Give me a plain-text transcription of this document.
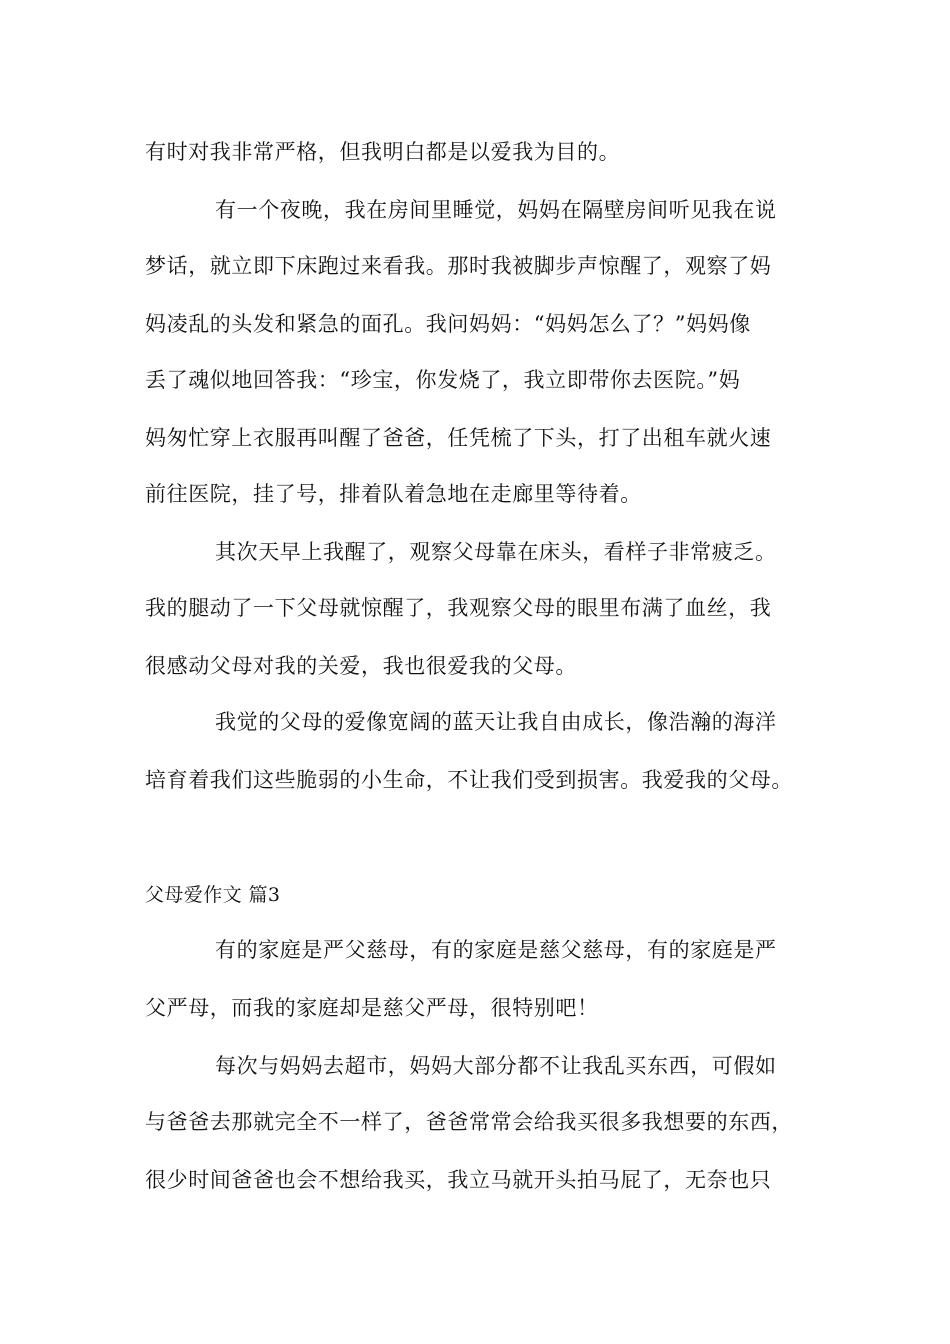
有时对我非常严格，但我明白都是以爱我为目的。
有一个夜晚，我在房间里睡觉，妈妈在隔壁房间听见我在说
梦话，就立即下床跑过来看我。那时我被脚步声惊醒了，观察了妈
妈凌乱的头发和紧急的面孔。我问妈妈：“妈妈怎么了？”妈妈像
丢了魂似地回答我：“珍宝，你发烧了，我立即带你去医院。”妈
妈匆忙穿上衣服再叫醒了爸爸，任凭梳了下头，打了出租车就火速
前往医院，挂了号，排着队着急地在走廊里等待着。
其次天早上我醒了，观察父母靠在床头，看样子非常疲乏。
我的腿动了一下父母就惊醒了，我观察父母的眼里布满了血丝，我
很感动父母对我的关爱，我也很爱我的父母。
我觉的父母的爱像宽阔的蓝天让我自由成长，像浩瀚的海洋
培育着我们这些脆弱的小生命，不让我们受到损害。我爱我的父母。
父母爱作文 篇3
有的家庭是严父慈母，有的家庭是慈父慈母，有的家庭是严
父严母，而我的家庭却是慈父严母，很特别吧！
每次与妈妈去超市，妈妈大部分都不让我乱买东西，可假如
与爸爸去那就完全不一样了，爸爸常常会给我买很多我想要的东西，
很少时间爸爸也会不想给我买，我立马就开头拍马屁了，无奈也只
